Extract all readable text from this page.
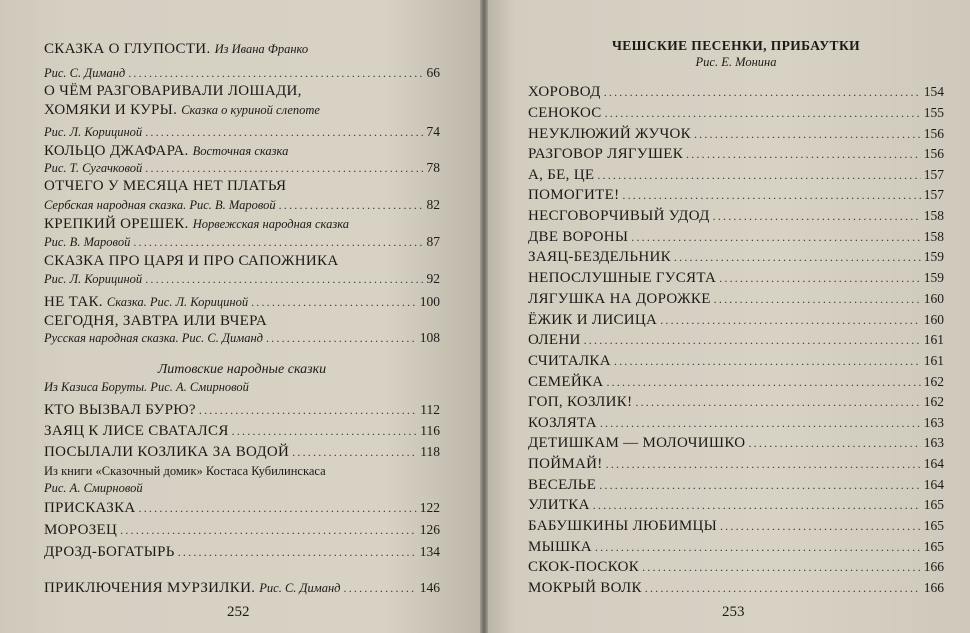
СКАЗКА О ГЛУПОСТИ. Из Ивана Франко
Рис. С. Диманд .....	66
О ЧЁМ РАЗГОВАРИВАЛИ ЛОШАДИ,
ХОМЯКИ И КУРЫ. Сказка о куриной слепоте
Рис. Л. Корициной .....	74
КОЛЬЦО ДЖАФАРА. Восточная сказка
Рис. Т. Сугачковой .....	78
ОТЧЕГО У МЕСЯЦА НЕТ ПЛАТЬЯ
Сербская народная сказка. Рис. В. Маровой .....	82
КРЕПКИЙ ОРЕШЕК. Норвежская народная сказка
Рис. В. Маровой .....	87
СКАЗКА ПРО ЦАРЯ И ПРО САПОЖНИКА
Рис. Л. Корициной .....	92
НЕ ТАК. Сказка. Рис. Л. Корициной .....	100
СЕГОДНЯ, ЗАВТРА ИЛИ ВЧЕРА
Русская народная сказка. Рис. С. Диманд .....	108
Литовские народные сказки
Из Казиса Боруты. Рис. А. Смирновой
КТО ВЫЗВАЛ БУРЮ? .....	112
ЗАЯЦ К ЛИСЕ СВАТАЛСЯ .....	116
ПОСЫЛАЛИ КОЗЛИКА ЗА ВОДОЙ .....	118
Из книги «Сказочный домик» Костаса Кубилинскаса
Рис. А. Смирновой
ПРИСКАЗКА .....	122
МОРОЗЕЦ .....	126
ДРОЗД-БОГАТЫРЬ .....	134
ПРИКЛЮЧЕНИЯ МУРЗИЛКИ. Рис. С. Диманд .....	146
252
ЧЕШСКИЕ ПЕСЕНКИ, ПРИБАУТКИ
Рис. Е. Монина
ХОРОВОД .....	154
СЕНОКОС .....	155
НЕУКЛЮЖИЙ ЖУЧОК .....	156
РАЗГОВОР ЛЯГУШЕК .....	156
А, БЕ, ЦЕ .....	157
ПОМОГИТЕ! .....	157
НЕСГОВОРЧИВЫЙ УДОД .....	158
ДВЕ ВОРОНЫ .....	158
ЗАЯЦ-БЕЗДЕЛЬНИК .....	159
НЕПОСЛУШНЫЕ ГУСЯТА .....	159
ЛЯГУШКА НА ДОРОЖКЕ .....	160
ЁЖИК И ЛИСИЦА .....	160
ОЛЕНИ .....	161
СЧИТАЛКА .....	161
СЕМЕЙКА .....	162
ГОП, КОЗЛИК! .....	162
КОЗЛЯТА .....	163
ДЕТИШКАМ — МОЛОЧИШКО .....	163
ПОЙМАЙ! .....	164
ВЕСЕЛЬЕ .....	164
УЛИТКА .....	165
БАБУШКИНЫ ЛЮБИМЦЫ .....	165
МЫШКА .....	165
СКОК-ПОСКОК .....	166
МОКРЫЙ ВОЛК .....	166
253
